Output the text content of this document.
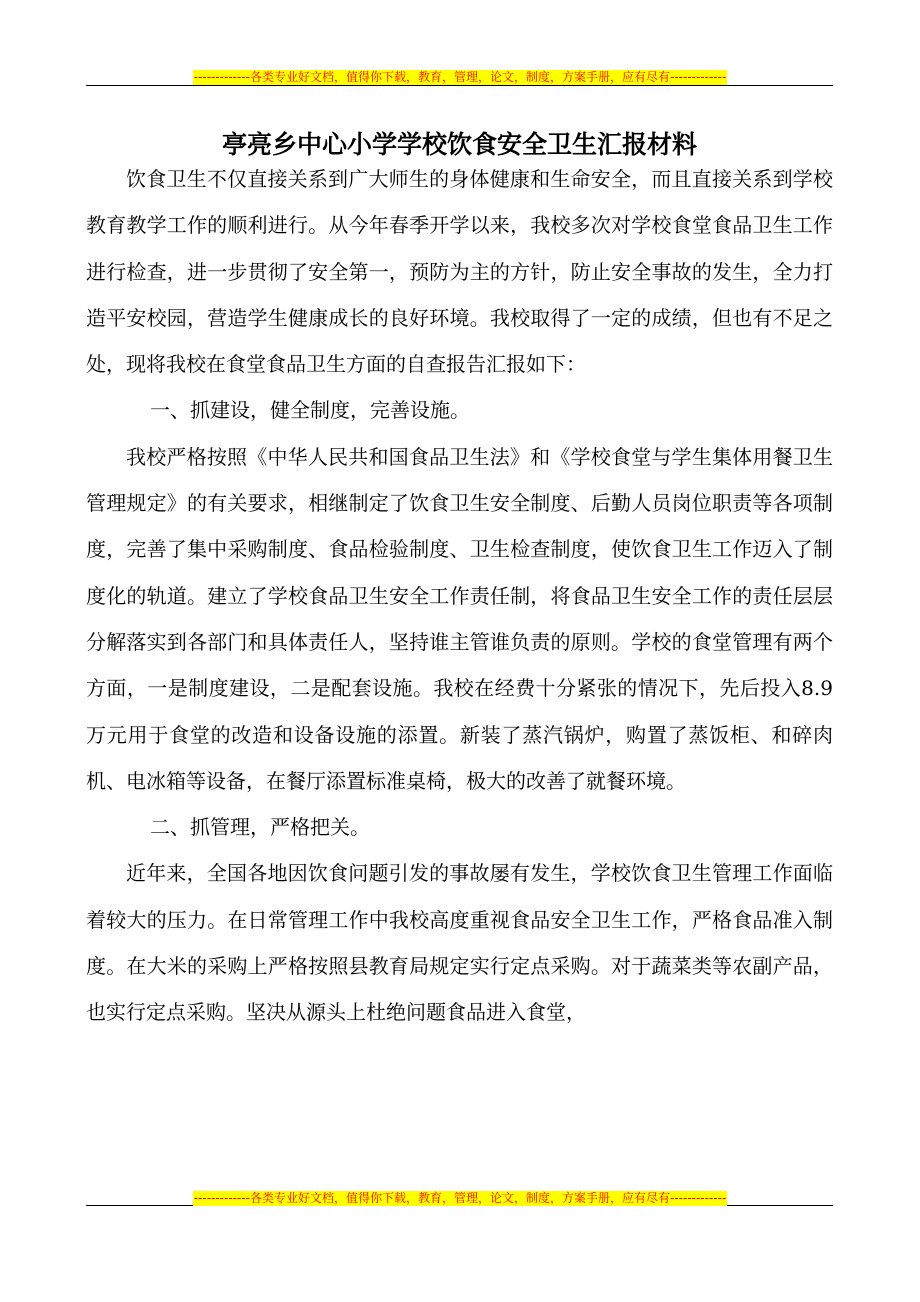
-------------各类专业好文档，值得你下载，教育，管理，论文，制度，方案手册，应有尽有-------------
亭亮乡中心小学学校饮食安全卫生汇报材料

饮食卫生不仅直接关系到广大师生的身体健康和生命安全，而且直接关系到学校教育教学工作的顺利进行。从今年春季开学以来，我校多次对学校食堂食品卫生工作进行检查，进一步贯彻了安全第一，预防为主的方针，防止安全事故的发生，全力打造平安校园，营造学生健康成长的良好环境。我校取得了一定的成绩，但也有不足之处，现将我校在食堂食品卫生方面的自查报告汇报如下：

一、抓建设，健全制度，完善设施。

我校严格按照《中华人民共和国食品卫生法》和《学校食堂与学生集体用餐卫生管理规定》的有关要求，相继制定了饮食卫生安全制度、后勤人员岗位职责等各项制度，完善了集中采购制度、食品检验制度、卫生检查制度，使饮食卫生工作迈入了制度化的轨道。建立了学校食品卫生安全工作责任制，将食品卫生安全工作的责任层层分解落实到各部门和具体责任人，坚持谁主管谁负责的原则。学校的食堂管理有两个方面，一是制度建设，二是配套设施。我校在经费十分紧张的情况下，先后投入8.9万元用于食堂的改造和设备设施的添置。新装了蒸汽锅炉，购置了蒸饭柜、和碎肉机、电冰箱等设备，在餐厅添置标准桌椅，极大的改善了就餐环境。

二、抓管理，严格把关。

近年来，全国各地因饮食问题引发的事故屡有发生，学校饮食卫生管理工作面临着较大的压力。在日常管理工作中我校高度重视食品安全卫生工作，严格食品准入制度。在大米的采购上严格按照县教育局规定实行定点采购。对于蔬菜类等农副产品，也实行定点采购。坚决从源头上杜绝问题食品进入食堂，

-------------各类专业好文档，值得你下载，教育，管理，论文，制度，方案手册，应有尽有-------------
